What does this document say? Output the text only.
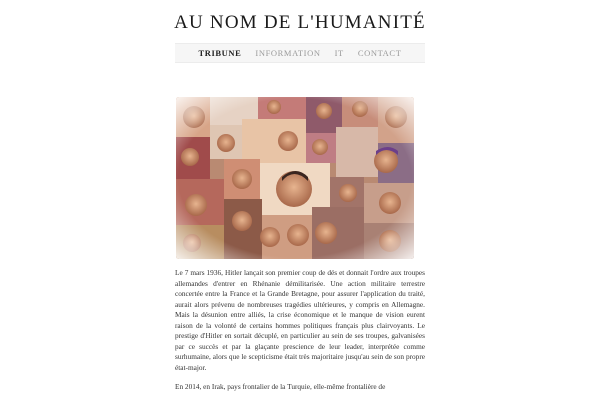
AU NOM DE L'HUMANITÉ
TRIBUNE INFORMATION IT CONTACT

Le 7 mars 1936, Hitler lançait son premier coup de dés et donnait l'ordre aux troupes allemandes d'entrer en Rhénanie démilitarisée. Une action militaire terrestre concertée entre la France et la Grande Bretagne, pour assurer l'application du traité, aurait alors prévenu de nombreuses tragédies ultérieures, y compris en Allemagne. Mais la désunion entre alliés, la crise économique et le manque de vision eurent raison de la volonté de certains hommes politiques français plus clairvoyants. Le prestige d'Hitler en sortait décuplé, en particulier au sein de ses troupes, galvanisées par ce succès et par la glaçante prescience de leur leader, interprétée comme surhumaine, alors que le scepticisme était très majoritaire jusqu'au sein de son propre état-major.

En 2014, en Irak, pays frontalier de la Turquie, elle-même frontalière de
